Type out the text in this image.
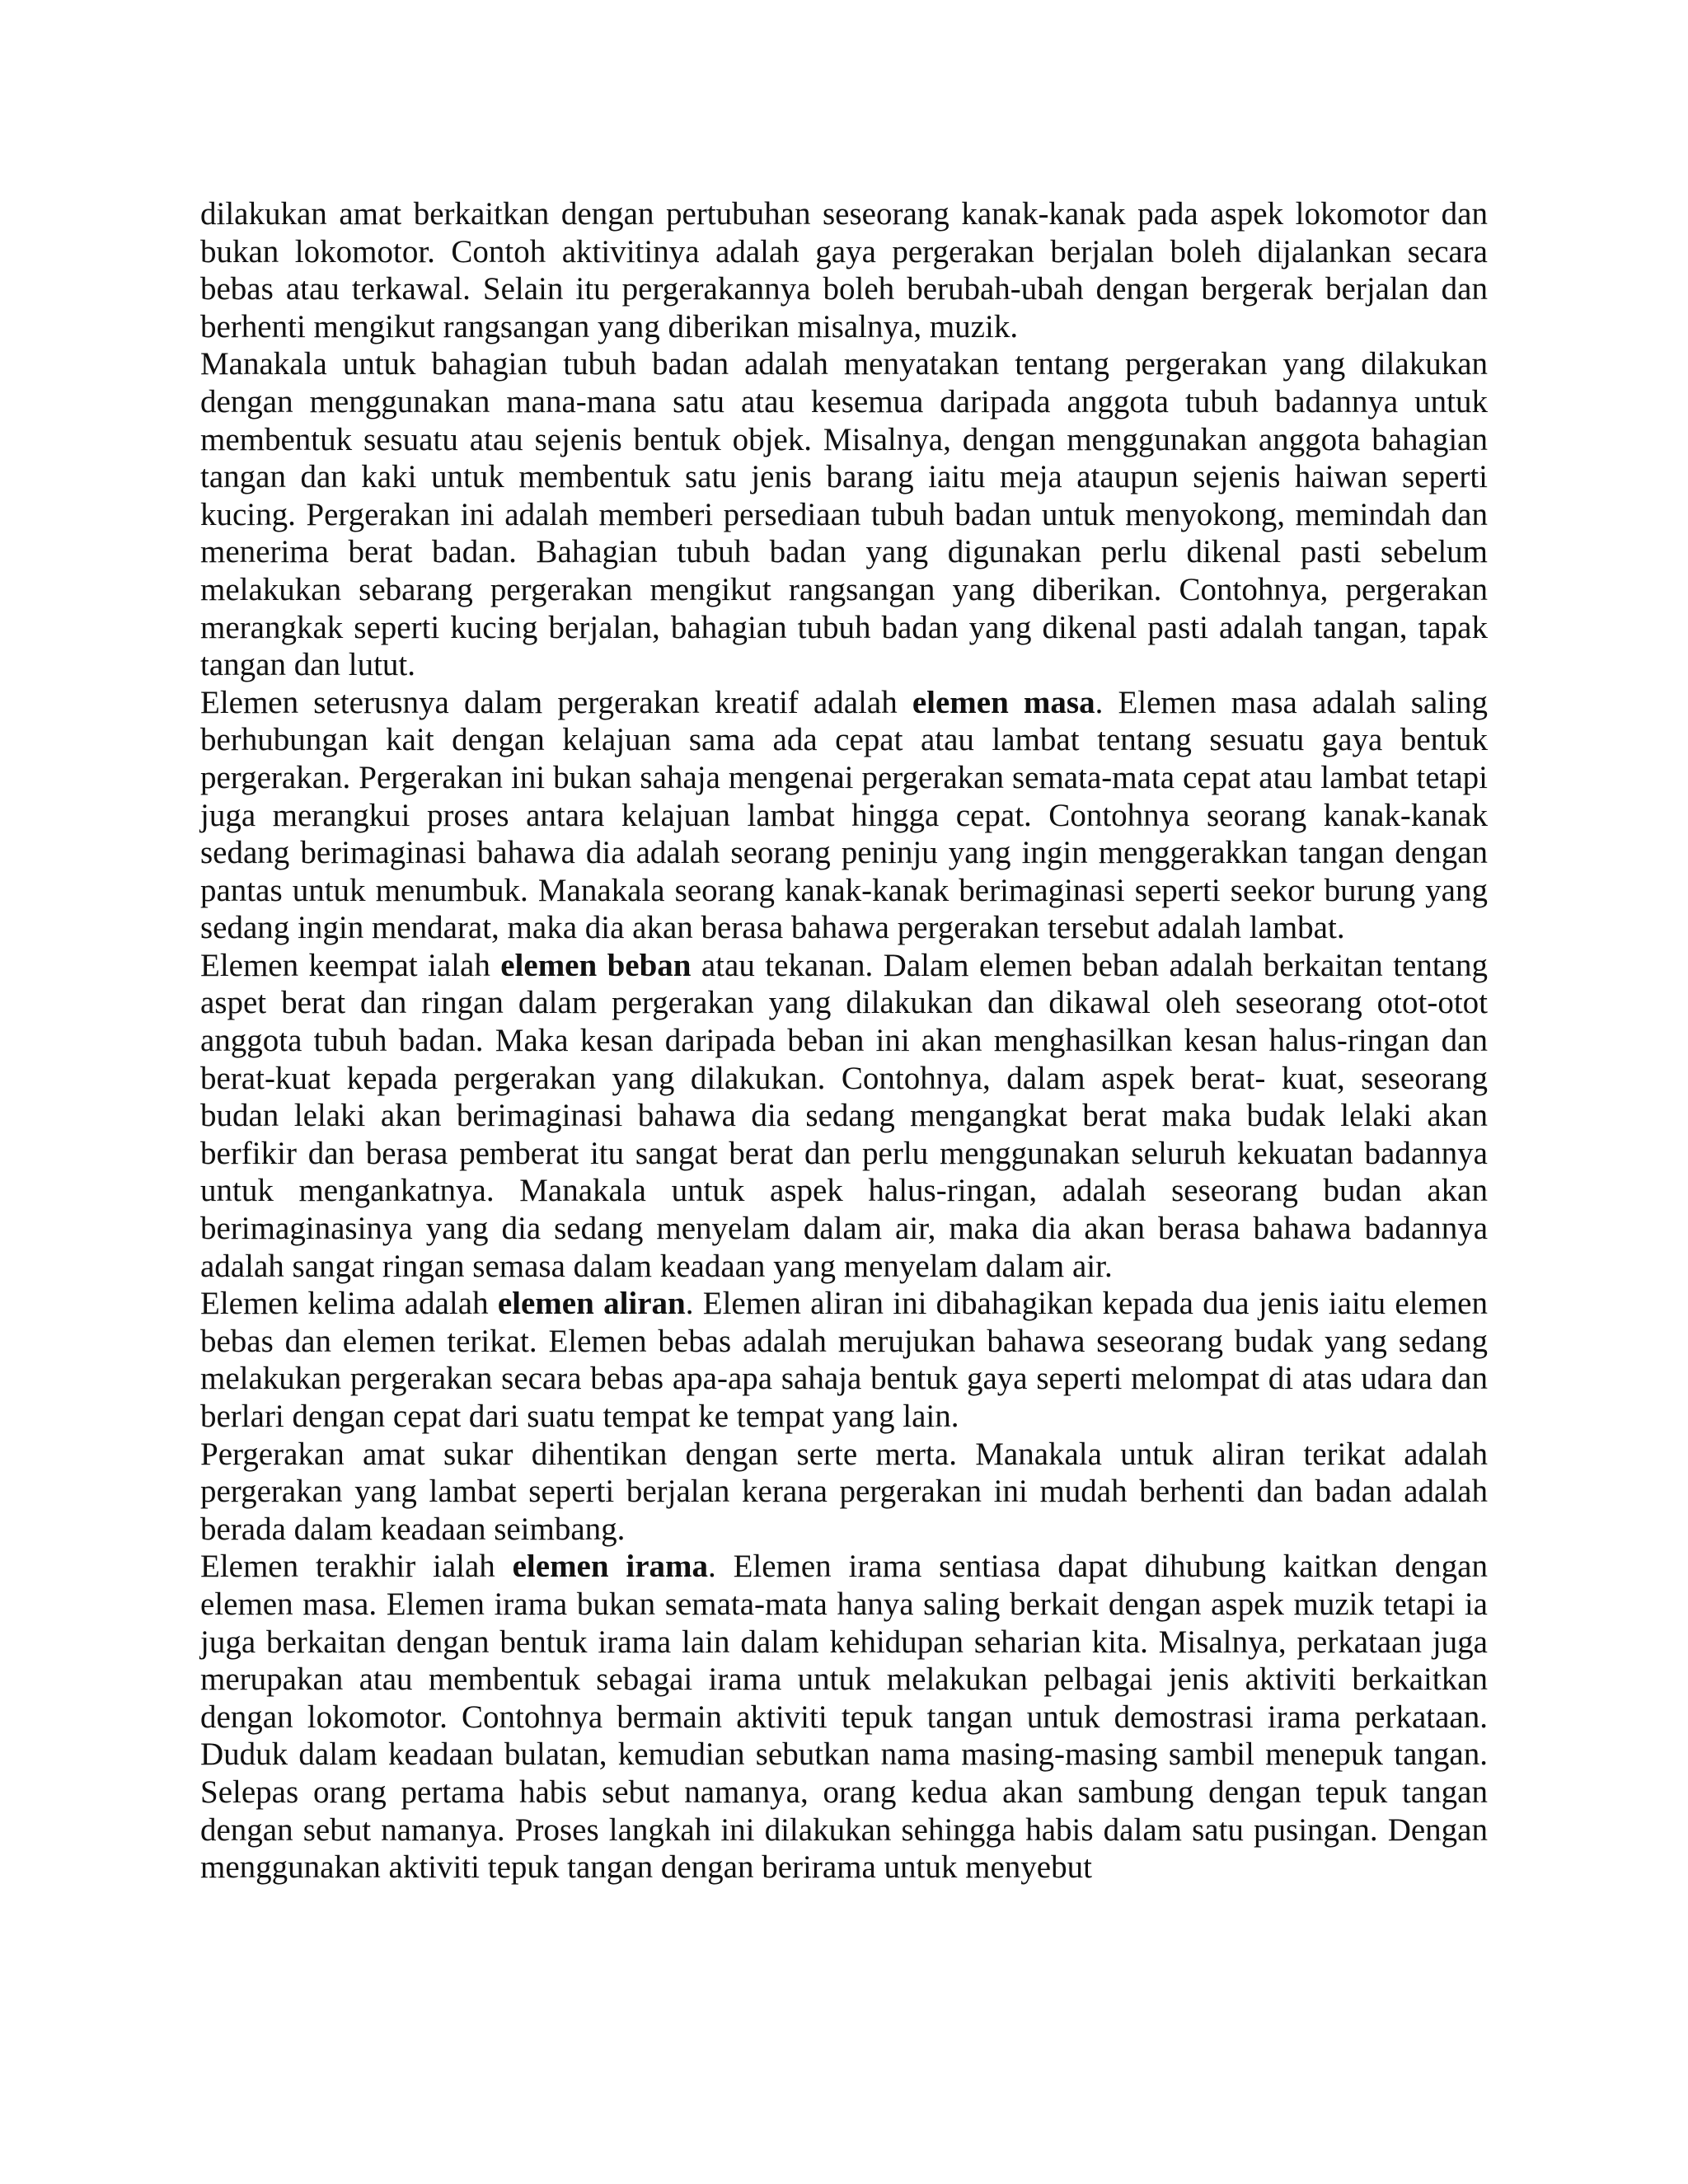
dilakukan amat berkaitkan dengan pertubuhan seseorang kanak-kanak pada aspek lokomotor dan bukan lokomotor. Contoh aktivitinya adalah gaya pergerakan berjalan boleh dijalankan secara bebas atau terkawal. Selain itu pergerakannya boleh berubah-ubah dengan bergerak berjalan dan berhenti mengikut rangsangan yang diberikan misalnya, muzik.

Manakala untuk bahagian tubuh badan adalah menyatakan tentang pergerakan yang dilakukan dengan menggunakan mana-mana satu atau kesemua daripada anggota tubuh badannya untuk membentuk sesuatu atau sejenis bentuk objek. Misalnya, dengan menggunakan anggota bahagian tangan dan kaki untuk membentuk satu jenis barang iaitu meja ataupun sejenis haiwan seperti kucing. Pergerakan ini adalah memberi persediaan tubuh badan untuk menyokong, memindah dan menerima berat badan. Bahagian tubuh badan yang digunakan perlu dikenal pasti sebelum melakukan sebarang pergerakan mengikut rangsangan yang diberikan. Contohnya, pergerakan merangkak seperti kucing berjalan, bahagian tubuh badan yang dikenal pasti adalah tangan, tapak tangan dan lutut.

Elemen seterusnya dalam pergerakan kreatif adalah elemen masa. Elemen masa adalah saling berhubungan kait dengan kelajuan sama ada cepat atau lambat tentang sesuatu gaya bentuk pergerakan. Pergerakan ini bukan sahaja mengenai pergerakan semata-mata cepat atau lambat tetapi juga merangkui proses antara kelajuan lambat hingga cepat. Contohnya seorang kanak-kanak sedang berimaginasi bahawa dia adalah seorang peninju yang ingin menggerakkan tangan dengan pantas untuk menumbuk. Manakala seorang kanak-kanak berimaginasi seperti seekor burung yang sedang ingin mendarat, maka dia akan berasa bahawa pergerakan tersebut adalah lambat.

Elemen keempat ialah elemen beban atau tekanan. Dalam elemen beban adalah berkaitan tentang aspet berat dan ringan dalam pergerakan yang dilakukan dan dikawal oleh seseorang otot-otot anggota tubuh badan. Maka kesan daripada beban ini akan menghasilkan kesan halus-ringan dan berat-kuat kepada pergerakan yang dilakukan. Contohnya, dalam aspek berat- kuat, seseorang budan lelaki akan berimaginasi bahawa dia sedang mengangkat berat maka budak lelaki akan berfikir dan berasa pemberat itu sangat berat dan perlu menggunakan seluruh kekuatan badannya untuk mengankatnya. Manakala untuk aspek halus-ringan, adalah seseorang budan akan berimaginasinya yang dia sedang menyelam dalam air, maka dia akan berasa bahawa badannya adalah sangat ringan semasa dalam keadaan yang menyelam dalam air.

Elemen kelima adalah elemen aliran. Elemen aliran ini dibahagikan kepada dua jenis iaitu elemen bebas dan elemen terikat. Elemen bebas adalah merujukan bahawa seseorang budak yang sedang melakukan pergerakan secara bebas apa-apa sahaja bentuk gaya seperti melompat di atas udara dan berlari dengan cepat dari suatu tempat ke tempat yang lain.

Pergerakan amat sukar dihentikan dengan serte merta. Manakala untuk aliran terikat adalah pergerakan yang lambat seperti berjalan kerana pergerakan ini mudah berhenti dan badan adalah berada dalam keadaan seimbang.

Elemen terakhir ialah elemen irama. Elemen irama sentiasa dapat dihubung kaitkan dengan elemen masa. Elemen irama bukan semata-mata hanya saling berkait dengan aspek muzik tetapi ia juga berkaitan dengan bentuk irama lain dalam kehidupan seharian kita. Misalnya, perkataan juga merupakan atau membentuk sebagai irama untuk melakukan pelbagai jenis aktiviti berkaitkan dengan lokomotor. Contohnya bermain aktiviti tepuk tangan untuk demostrasi irama perkataan. Duduk dalam keadaan bulatan, kemudian sebutkan nama masing-masing sambil menepuk tangan. Selepas orang pertama habis sebut namanya, orang kedua akan sambung dengan tepuk tangan dengan sebut namanya. Proses langkah ini dilakukan sehingga habis dalam satu pusingan. Dengan menggunakan aktiviti tepuk tangan dengan berirama untuk menyebut
